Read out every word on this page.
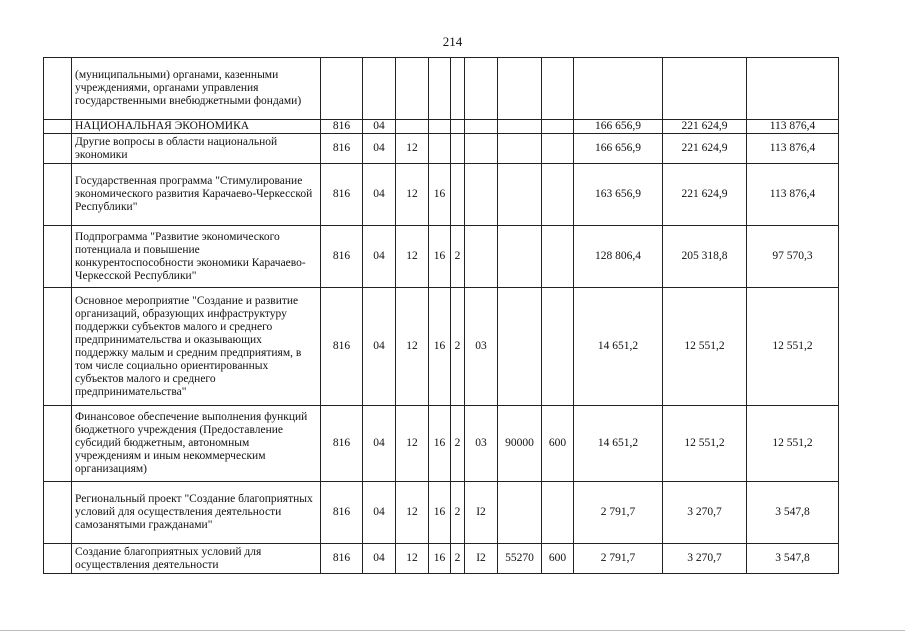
214
	(муниципальными) органами, казенными учреждениями, органами управления государственными внебюджетными фондами)											
	НАЦИОНАЛЬНАЯ ЭКОНОМИКА	816	04							166 656,9	221 624,9	113 876,4
	Другие вопросы в области национальной экономики	816	04	12						166 656,9	221 624,9	113 876,4
	Государственная программа "Стимулирование экономического развития Карачаево-Черкесской Республики"	816	04	12	16					163 656,9	221 624,9	113 876,4
	Подпрограмма "Развитие экономического потенциала и повышение конкурентоспособности экономики Карачаево-Черкесской Республики"	816	04	12	16	2				128 806,4	205 318,8	97 570,3
	Основное мероприятие "Создание и развитие организаций, образующих инфраструктуру поддержки субъектов малого и среднего предпринимательства и оказывающих поддержку малым и средним предприятиям, в том числе социально ориентированных субъектов малого и среднего предпринимательства"	816	04	12	16	2	03			14 651,2	12 551,2	12 551,2
	Финансовое обеспечение выполнения функций бюджетного учреждения (Предоставление субсидий бюджетным, автономным учреждениям и иным некоммерческим организациям)	816	04	12	16	2	03	90000	600	14 651,2	12 551,2	12 551,2
	Региональный проект "Создание благоприятных условий для осуществления деятельности самозанятыми гражданами"	816	04	12	16	2	I2			2 791,7	3 270,7	3 547,8
	Создание благоприятных условий для осуществления деятельности	816	04	12	16	2	I2	55270	600	2 791,7	3 270,7	3 547,8
